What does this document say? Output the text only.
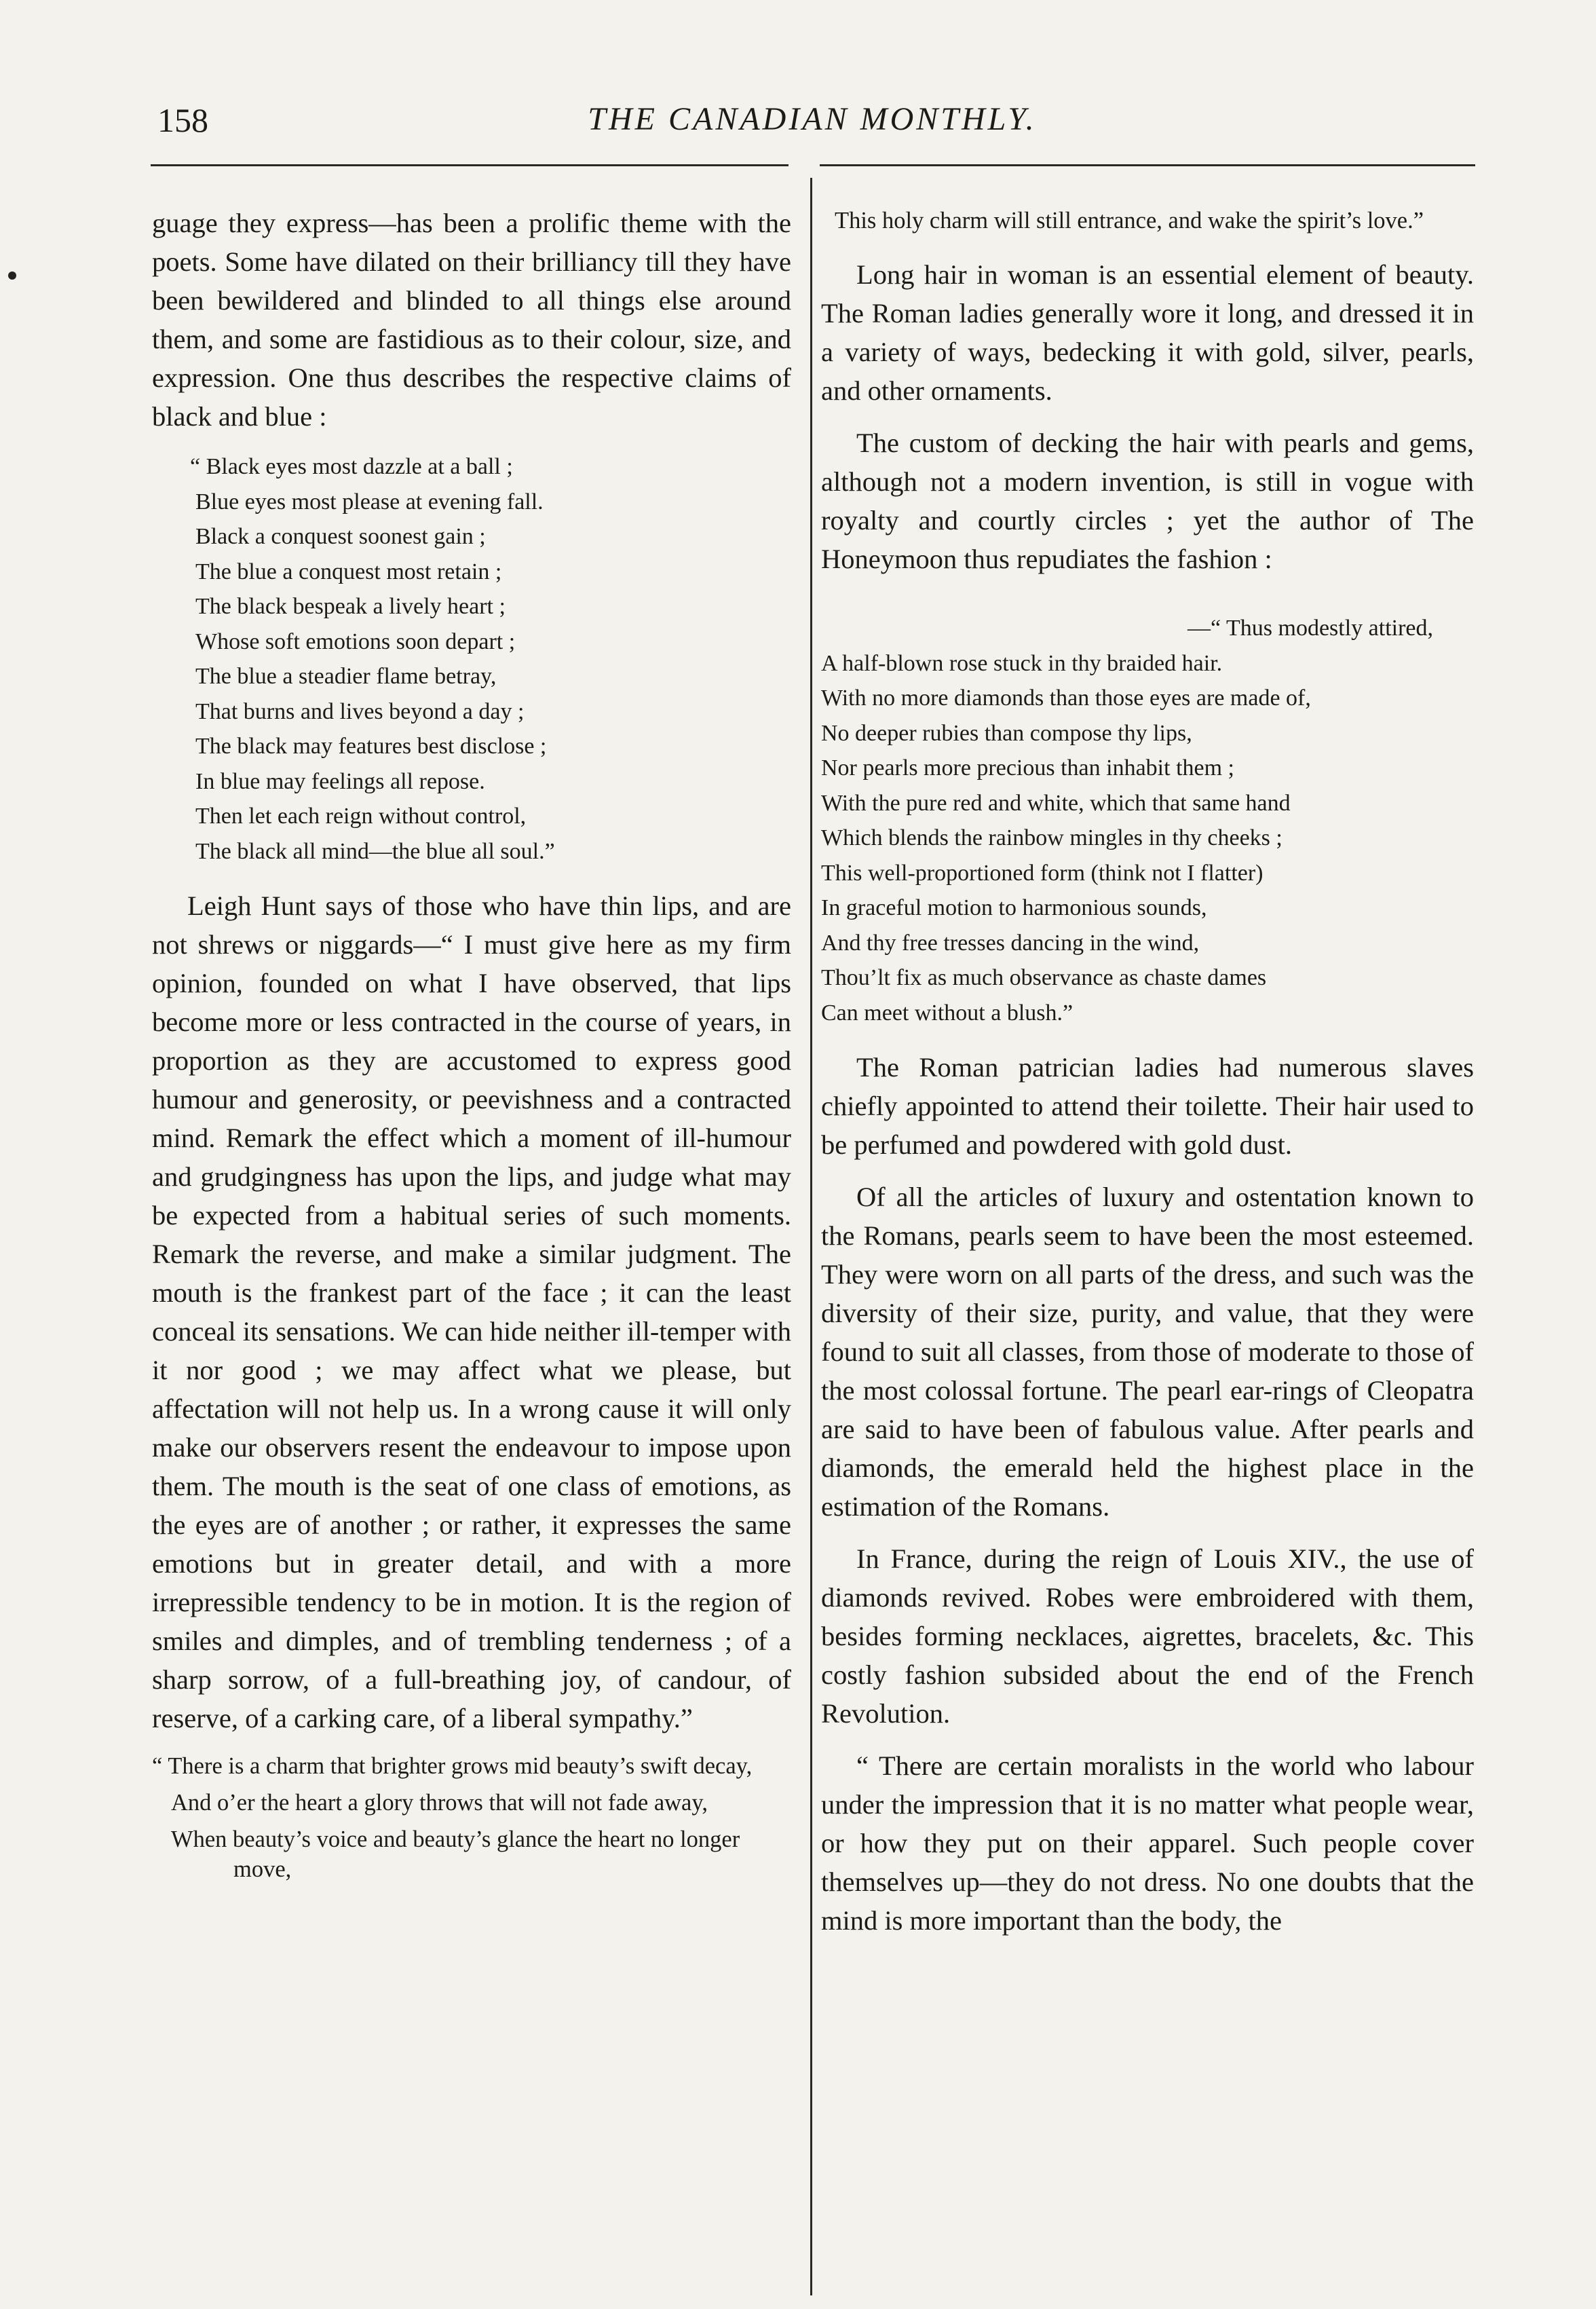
158	THE CANADIAN MONTHLY.

guage they express—has been a prolific theme with the poets. Some have dilated on their brilliancy till they have been bewildered and blinded to all things else around them, and some are fastidious as to their colour, size, and expression. One thus describes the respective claims of black and blue :

“ Black eyes most dazzle at a ball ;
Blue eyes most please at evening fall.
Black a conquest soonest gain ;
The blue a conquest most retain ;
The black bespeak a lively heart ;
Whose soft emotions soon depart ;
The blue a steadier flame betray,
That burns and lives beyond a day ;
The black may features best disclose ;
In blue may feelings all repose.
Then let each reign without control,
The black all mind—the blue all soul.”

Leigh Hunt says of those who have thin lips, and are not shrews or niggards—“ I must give here as my firm opinion, founded on what I have observed, that lips become more or less contracted in the course of years, in proportion as they are accustomed to express good humour and generosity, or peevishness and a contracted mind. Remark the effect which a moment of ill-humour and grudgingness has upon the lips, and judge what may be expected from a habitual series of such moments. Remark the reverse, and make a similar judgment. The mouth is the frankest part of the face ; it can the least conceal its sensations. We can hide neither ill-temper with it nor good ; we may affect what we please, but affectation will not help us. In a wrong cause it will only make our observers resent the endeavour to impose upon them. The mouth is the seat of one class of emotions, as the eyes are of another ; or rather, it expresses the same emotions but in greater detail, and with a more irrepressible tendency to be in motion. It is the region of smiles and dimples, and of trembling tenderness ; of a sharp sorrow, of a full-breathing joy, of candour, of reserve, of a carking care, of a liberal sympathy.”

“ There is a charm that brighter grows mid beauty’s swift decay,
And o’er the heart a glory throws that will not fade away,
When beauty’s voice and beauty’s glance the heart no longer move,
This holy charm will still entrance, and wake the spirit’s love.”

Long hair in woman is an essential element of beauty. The Roman ladies generally wore it long, and dressed it in a variety of ways, bedecking it with gold, silver, pearls, and other ornaments.

The custom of decking the hair with pearls and gems, although not a modern invention, is still in vogue with royalty and courtly circles ; yet the author of The Honeymoon thus repudiates the fashion :

—“ Thus modestly attired,
A half-blown rose stuck in thy braided hair.
With no more diamonds than those eyes are made of,
No deeper rubies than compose thy lips,
Nor pearls more precious than inhabit them ;
With the pure red and white, which that same hand
Which blends the rainbow mingles in thy cheeks ;
This well-proportioned form (think not I flatter)
In graceful motion to harmonious sounds,
And thy free tresses dancing in the wind,
Thou’lt fix as much observance as chaste dames
Can meet without a blush.”

The Roman patrician ladies had numerous slaves chiefly appointed to attend their toilette. Their hair used to be perfumed and powdered with gold dust.

Of all the articles of luxury and ostentation known to the Romans, pearls seem to have been the most esteemed. They were worn on all parts of the dress, and such was the diversity of their size, purity, and value, that they were found to suit all classes, from those of moderate to those of the most colossal fortune. The pearl ear-rings of Cleopatra are said to have been of fabulous value. After pearls and diamonds, the emerald held the highest place in the estimation of the Romans.

In France, during the reign of Louis XIV., the use of diamonds revived. Robes were embroidered with them, besides forming necklaces, aigrettes, bracelets, &c. This costly fashion subsided about the end of the French Revolution.

“ There are certain moralists in the world who labour under the impression that it is no matter what people wear, or how they put on their apparel. Such people cover themselves up—they do not dress. No one doubts that the mind is more important than the body, the
